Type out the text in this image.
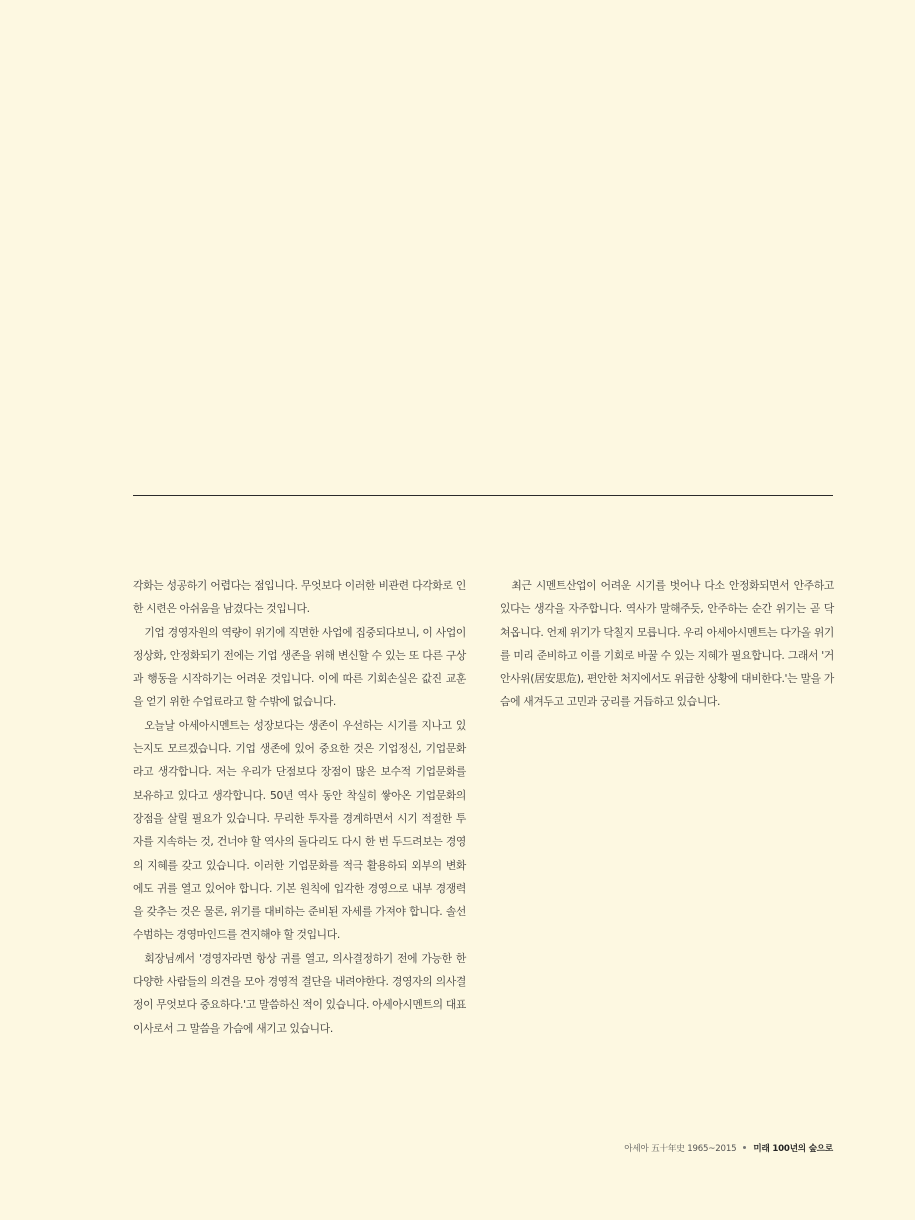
각화는 성공하기 어렵다는 점입니다. 무엇보다 이러한 비관련 다각화로 인한 시련은 아쉬움을 남겼다는 것입니다.

기업 경영자원의 역량이 위기에 직면한 사업에 집중되다보니, 이 사업이 정상화, 안정화되기 전에는 기업 생존을 위해 변신할 수 있는 또 다른 구상과 행동을 시작하기는 어려운 것입니다. 이에 따른 기회손실은 값진 교훈을 얻기 위한 수업료라고 할 수밖에 없습니다.

오늘날 아세아시멘트는 성장보다는 생존이 우선하는 시기를 지나고 있는지도 모르겠습니다. 기업 생존에 있어 중요한 것은 기업정신, 기업문화라고 생각합니다. 저는 우리가 단점보다 장점이 많은 보수적 기업문화를 보유하고 있다고 생각합니다. 50년 역사 동안 착실히 쌓아온 기업문화의 장점을 살릴 필요가 있습니다. 무리한 투자를 경계하면서 시기 적절한 투자를 지속하는 것, 건너야 할 역사의 돌다리도 다시 한 번 두드려보는 경영의 지혜를 갖고 있습니다. 이러한 기업문화를 적극 활용하되 외부의 변화에도 귀를 열고 있어야 합니다. 기본 원칙에 입각한 경영으로 내부 경쟁력을 갖추는 것은 물론, 위기를 대비하는 준비된 자세를 가져야 합니다. 솔선수범하는 경영마인드를 견지해야 할 것입니다.

회장님께서 '경영자라면 항상 귀를 열고, 의사결정하기 전에 가능한 한 다양한 사람들의 의견을 모아 경영적 결단을 내려야한다. 경영자의 의사결정이 무엇보다 중요하다.'고 말씀하신 적이 있습니다. 아세아시멘트의 대표이사로서 그 말씀을 가슴에 새기고 있습니다.

최근 시멘트산업이 어려운 시기를 벗어나 다소 안정화되면서 안주하고 있다는 생각을 자주합니다. 역사가 말해주듯, 안주하는 순간 위기는 곧 닥쳐옵니다. 언제 위기가 닥칠지 모릅니다. 우리 아세아시멘트는 다가올 위기를 미리 준비하고 이를 기회로 바꿀 수 있는 지혜가 필요합니다. 그래서 '거안사위(居安思危), 편안한 처지에서도 위급한 상황에 대비한다.'는 말을 가슴에 새겨두고 고민과 궁리를 거듭하고 있습니다.

아세아 五十年史 1965~2015 미래 100년의 숲으로
